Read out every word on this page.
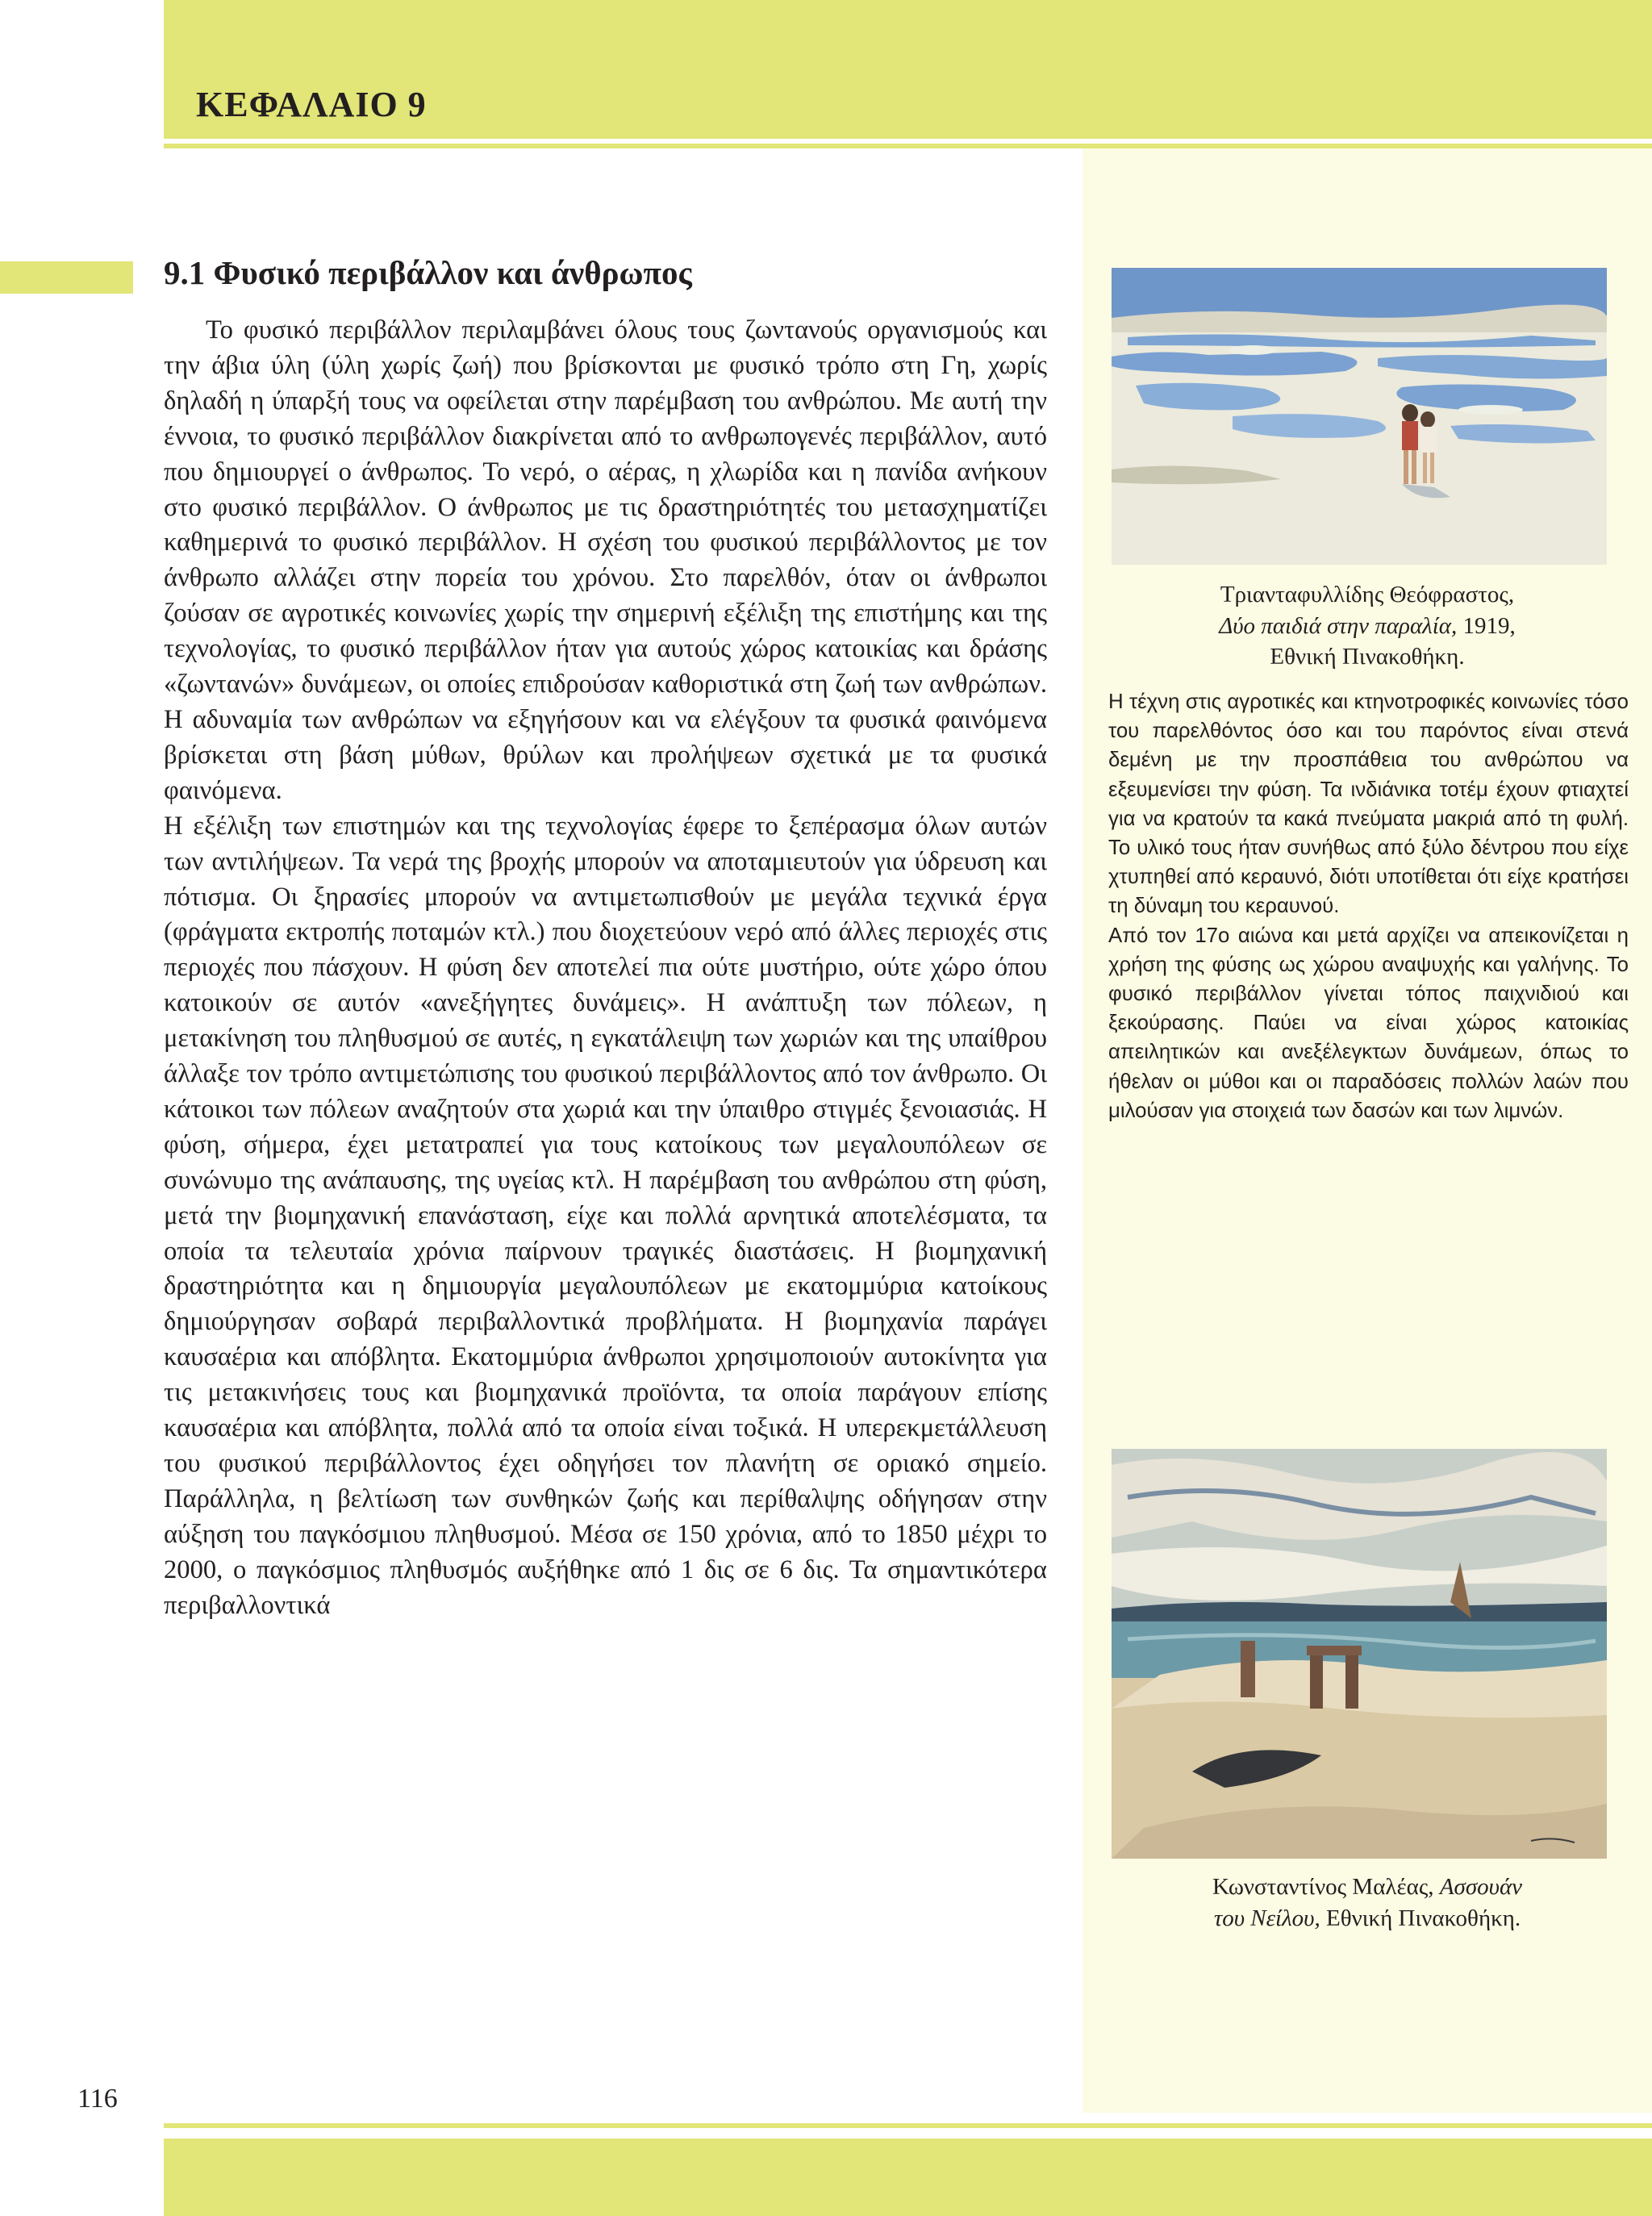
ΚΕΦΑΛΑΙΟ 9
9.1 Φυσικό περιβάλλον και άνθρωπος

Το φυσικό περιβάλλον περιλαμβάνει όλους τους ζωντανούς οργανισμούς και την άβια ύλη (ύλη χωρίς ζωή) που βρίσκονται με φυσικό τρόπο στη Γη, χωρίς δηλαδή η ύπαρξή τους να οφείλεται στην παρέμβαση του ανθρώπου. Με αυτή την έννοια, το φυσικό περιβάλλον διακρίνεται από το ανθρωπογενές περιβάλλον, αυτό που δημιουργεί ο άνθρωπος. Το νερό, ο αέρας, η χλωρίδα και η πανίδα ανήκουν στο φυσικό περιβάλλον. Ο άνθρωπος με τις δραστηριότητές του μετασχηματίζει καθημερινά το φυσικό περιβάλλον. Η σχέση του φυσικού περιβάλλοντος με τον άνθρωπο αλλάζει στην πορεία του χρόνου. Στο παρελθόν, όταν οι άνθρωποι ζούσαν σε αγροτικές κοινωνίες χωρίς την σημερινή εξέλιξη της επιστήμης και της τεχνολογίας, το φυσικό περιβάλλον ήταν για αυτούς χώρος κατοικίας και δράσης «ζωντανών» δυνάμεων, οι οποίες επιδρούσαν καθοριστικά στη ζωή των ανθρώπων. Η αδυναμία των ανθρώπων να εξηγήσουν και να ελέγξουν τα φυσικά φαινόμενα βρίσκεται στη βάση μύθων, θρύλων και προλήψεων σχετικά με τα φυσικά φαινόμενα.

Η εξέλιξη των επιστημών και της τεχνολογίας έφερε το ξεπέρασμα όλων αυτών των αντιλήψεων. Τα νερά της βροχής μπορούν να αποταμιευτούν για ύδρευση και πότισμα. Οι ξηρασίες μπορούν να αντιμετωπισθούν με μεγάλα τεχνικά έργα (φράγματα εκτροπής ποταμών κτλ.) που διοχετεύουν νερό από άλλες περιοχές στις περιοχές που πάσχουν. Η φύση δεν αποτελεί πια ούτε μυστήριο, ούτε χώρο όπου κατοικούν σε αυτόν «ανεξήγητες δυνάμεις». Η ανάπτυξη των πόλεων, η μετακίνηση του πληθυσμού σε αυτές, η εγκατάλειψη των χωριών και της υπαίθρου άλλαξε τον τρόπο αντιμετώπισης του φυσικού περιβάλλοντος από τον άνθρωπο. Οι κάτοικοι των πόλεων αναζητούν στα χωριά και την ύπαιθρο στιγμές ξενοιασιάς. Η φύση, σήμερα, έχει μετατραπεί για τους κατοίκους των μεγαλουπόλεων σε συνώνυμο της ανάπαυσης, της υγείας κτλ. Η παρέμβαση του ανθρώπου στη φύση, μετά την βιομηχανική επανάσταση, είχε και πολλά αρνητικά αποτελέσματα, τα οποία τα τελευταία χρόνια παίρνουν τραγικές διαστάσεις. Η βιομηχανική δραστηριότητα και η δημιουργία μεγαλουπόλεων με εκατομμύρια κατοίκους δημιούργησαν σοβαρά περιβαλλοντικά προβλήματα. Η βιομηχανία παράγει καυσαέρια και απόβλητα. Εκατομμύρια άνθρωποι χρησιμοποιούν αυτοκίνητα για τις μετακινήσεις τους και βιομηχανικά προϊόντα, τα οποία παράγουν επίσης καυσαέρια και απόβλητα, πολλά από τα οποία είναι τοξικά. Η υπερεκμετάλλευση του φυσικού περιβάλλοντος έχει οδηγήσει τον πλανήτη σε οριακό σημείο. Παράλληλα, η βελτίωση των συνθηκών ζωής και περίθαλψης οδήγησαν στην αύξηση του παγκόσμιου πληθυσμού. Μέσα σε 150 χρόνια, από το 1850 μέχρι το 2000, ο παγκόσμιος πληθυσμός αυξήθηκε από 1 δις σε 6 δις. Τα σημαντικότερα περιβαλλοντικά

Τριανταφυλλίδης Θεόφραστος,
Δύο παιδιά στην παραλία, 1919,
Εθνική Πινακοθήκη.

Η τέχνη στις αγροτικές και κτηνοτροφικές κοινωνίες τόσο του παρελθόντος όσο και του παρόντος είναι στενά δεμένη με την προσπάθεια του ανθρώπου να εξευμενίσει την φύση. Τα ινδιάνικα τοτέμ έχουν φτιαχτεί για να κρατούν τα κακά πνεύματα μακριά από τη φυλή. Το υλικό τους ήταν συνήθως από ξύλο δέντρου που είχε χτυπηθεί από κεραυνό, διότι υποτίθεται ότι είχε κρατήσει τη δύναμη του κεραυνού.

Από τον 17ο αιώνα και μετά αρχίζει να απεικονίζεται η χρήση της φύσης ως χώρου αναψυχής και γαλήνης. Το φυσικό περιβάλλον γίνεται τόπος παιχνιδιού και ξεκούρασης. Παύει να είναι χώρος κατοικίας απειλητικών και ανεξέλεγκτων δυνάμεων, όπως το ήθελαν οι μύθοι και οι παραδόσεις πολλών λαών που μιλούσαν για στοιχειά των δασών και των λιμνών.

Κωνσταντίνος Μαλέας, Ασσουάν
του Νείλου, Εθνική Πινακοθήκη.
116
